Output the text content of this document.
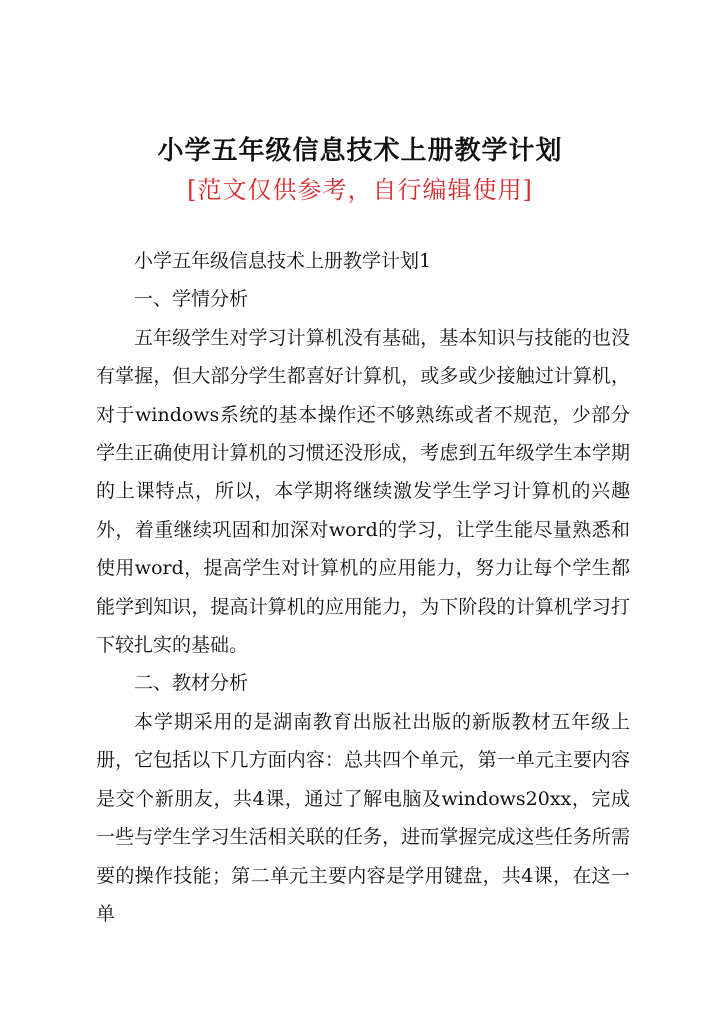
小学五年级信息技术上册教学计划
[范文仅供参考，自行编辑使用]

小学五年级信息技术上册教学计划1

一、学情分析

五年级学生对学习计算机没有基础，基本知识与技能的也没有掌握，但大部分学生都喜好计算机，或多或少接触过计算机，对于windows系统的基本操作还不够熟练或者不规范，少部分学生正确使用计算机的习惯还没形成，考虑到五年级学生本学期的上课特点，所以，本学期将继续激发学生学习计算机的兴趣外，着重继续巩固和加深对word的学习，让学生能尽量熟悉和使用word，提高学生对计算机的应用能力，努力让每个学生都能学到知识，提高计算机的应用能力，为下阶段的计算机学习打下较扎实的基础。

二、教材分析

本学期采用的是湖南教育出版社出版的新版教材五年级上册，它包括以下几方面内容：总共四个单元，第一单元主要内容是交个新朋友，共4课，通过了解电脑及windows20xx，完成一些与学生学习生活相关联的任务，进而掌握完成这些任务所需要的操作技能；第二单元主要内容是学用键盘，共4课，在这一单
